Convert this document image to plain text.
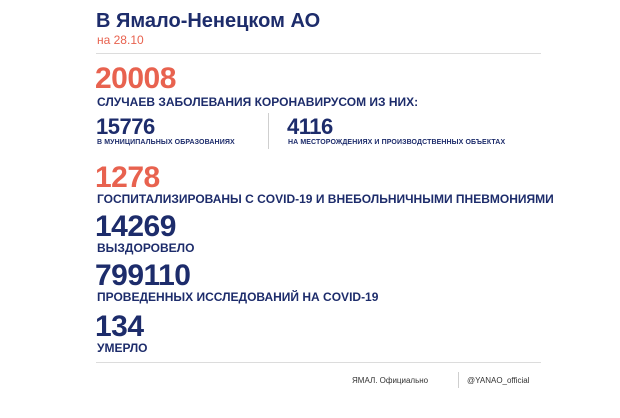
В Ямало-Ненецком АО
на 28.10
20008
СЛУЧАЕВ ЗАБОЛЕВАНИЯ КОРОНАВИРУСОМ ИЗ НИХ:
15776
В МУНИЦИПАЛЬНЫХ ОБРАЗОВАНИЯХ
4116
НА МЕСТОРОЖДЕНИЯХ И ПРОИЗВОДСТВЕННЫХ ОБЪЕКТАХ
1278
ГОСПИТАЛИЗИРОВАНЫ С COVID-19 И ВНЕБОЛЬНИЧНЫМИ ПНЕВМОНИЯМИ
14269
ВЫЗДОРОВЕЛО
799110
ПРОВЕДЕННЫХ ИССЛЕДОВАНИЙ НА COVID-19
134
УМЕРЛО
ЯМАЛ. Официально	@YANAO_official
